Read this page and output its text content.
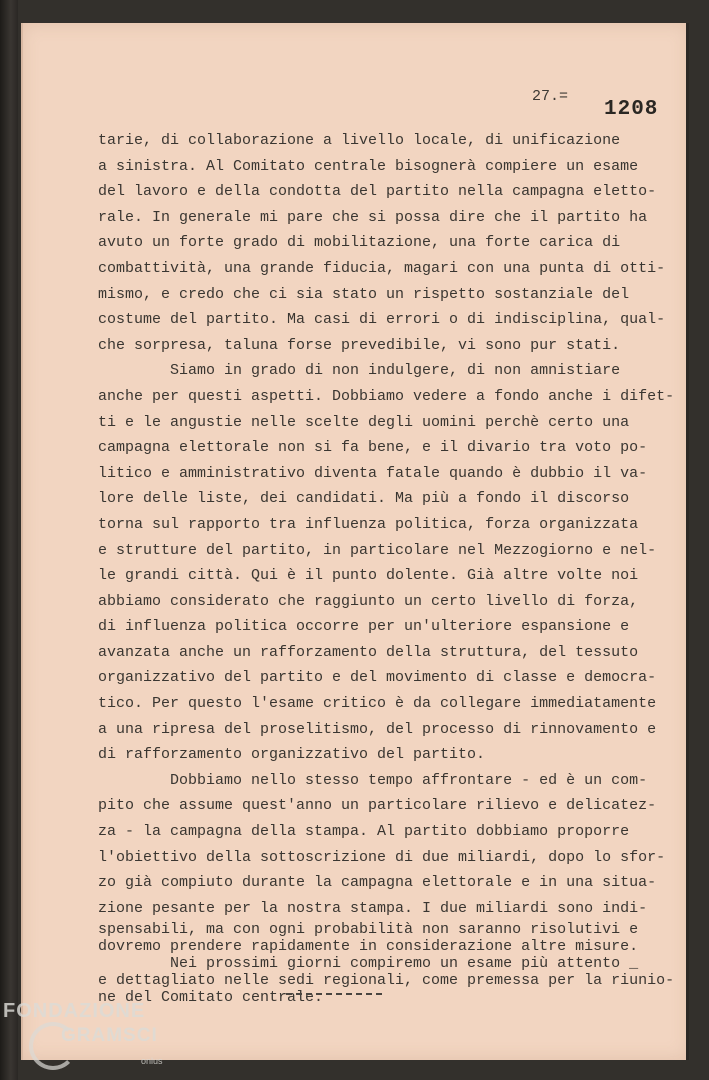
27.=
1208
tarie, di collaborazione a livello locale, di unificazione
a sinistra. Al Comitato centrale bisognerà compiere un esame
del lavoro e della condotta del partito nella campagna eletto-
rale. In generale mi pare che si possa dire che il partito ha
avuto un forte grado di mobilitazione, una forte carica di
combattività, una grande fiducia, magari con una punta di otti-
mismo, e credo che ci sia stato un rispetto sostanziale del
costume del partito. Ma casi di errori o di indisciplina, qual-
che sorpresa, taluna forse prevedibile, vi sono pur stati.
Siamo in grado di non indulgere, di non amnistiare
anche per questi aspetti. Dobbiamo vedere a fondo anche i difet-
ti e le angustie nelle scelte degli uomini perchè certo una
campagna elettorale non si fa bene, e il divario tra voto po-
litico e amministrativo diventa fatale quando è dubbio il va-
lore delle liste, dei candidati. Ma più a fondo il discorso
torna sul rapporto tra influenza politica, forza organizzata
e strutture del partito, in particolare nel Mezzogiorno e nel-
le grandi città. Qui è il punto dolente. Già altre volte noi
abbiamo considerato che raggiunto un certo livello di forza,
di influenza politica occorre per un'ulteriore espansione e
avanzata anche un rafforzamento della struttura, del tessuto
organizzativo del partito e del movimento di classe e democra-
tico. Per questo l'esame critico è da collegare immediatamente
a una ripresa del proselitismo, del processo di rinnovamento e
di rafforzamento organizzativo del partito.
Dobbiamo nello stesso tempo affrontare - ed è un com-
pito che assume quest'anno un particolare rilievo e delicatez-
za - la campagna della stampa. Al partito dobbiamo proporre
l'obiettivo della sottoscrizione di due miliardi, dopo lo sfor-
zo già compiuto durante la campagna elettorale e in una situa-
zione pesante per la nostra stampa. I due miliardi sono indi-
spensabili, ma con ogni probabilità non saranno risolutivi e
dovremo prendere rapidamente in considerazione altre misure.
Nei prossimi giorni compiremo un esame più attento _
e dettagliato nelle sedi regionali, come premessa per la riunio-
ne del Comitato centrale.
FONDAZIONE
GRAMSCI
onlus
